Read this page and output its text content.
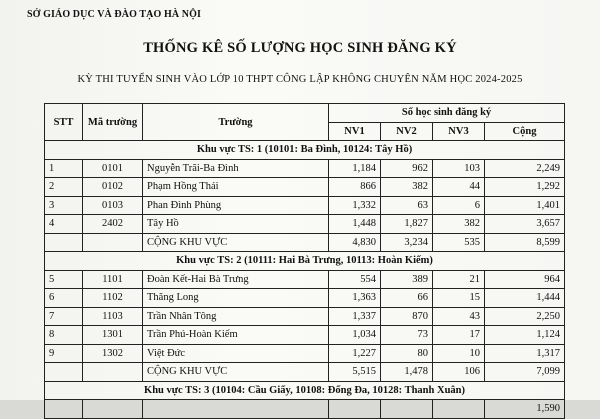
SỞ GIÁO DỤC VÀ ĐÀO TẠO HÀ NỘI
THỐNG KÊ SỐ LƯỢNG HỌC SINH ĐĂNG KÝ
KỲ THI TUYỂN SINH VÀO LỚP 10 THPT CÔNG LẬP KHÔNG CHUYÊN NĂM HỌC 2024-2025
STT	Mã trường	Trường	Số học sinh đăng ký			
			NV1	NV2	NV3	Cộng
Khu vực TS: 1 (10101: Ba Đình, 10124: Tây Hồ)						
1	0101	Nguyễn Trãi-Ba Đình	1,184	962	103	2,249
2	0102	Phạm Hồng Thái	866	382	44	1,292
3	0103	Phan Đình Phùng	1,332	63	6	1,401
4	2402	Tây Hồ	1,448	1,827	382	3,657
		CỘNG KHU VỰC	4,830	3,234	535	8,599
Khu vực TS: 2 (10111: Hai Bà Trưng, 10113: Hoàn Kiếm)						
5	1101	Đoàn Kết-Hai Bà Trưng	554	389	21	964
6	1102	Thăng Long	1,363	66	15	1,444
7	1103	Trần Nhân Tông	1,337	870	43	2,250
8	1301	Trần Phú-Hoàn Kiếm	1,034	73	17	1,124
9	1302	Việt Đức	1,227	80	10	1,317
		CỘNG KHU VỰC	5,515	1,478	106	7,099
Khu vực TS: 3 (10104: Cầu Giấy, 10108: Đống Đa, 10128: Thanh Xuân)						
						1,590
